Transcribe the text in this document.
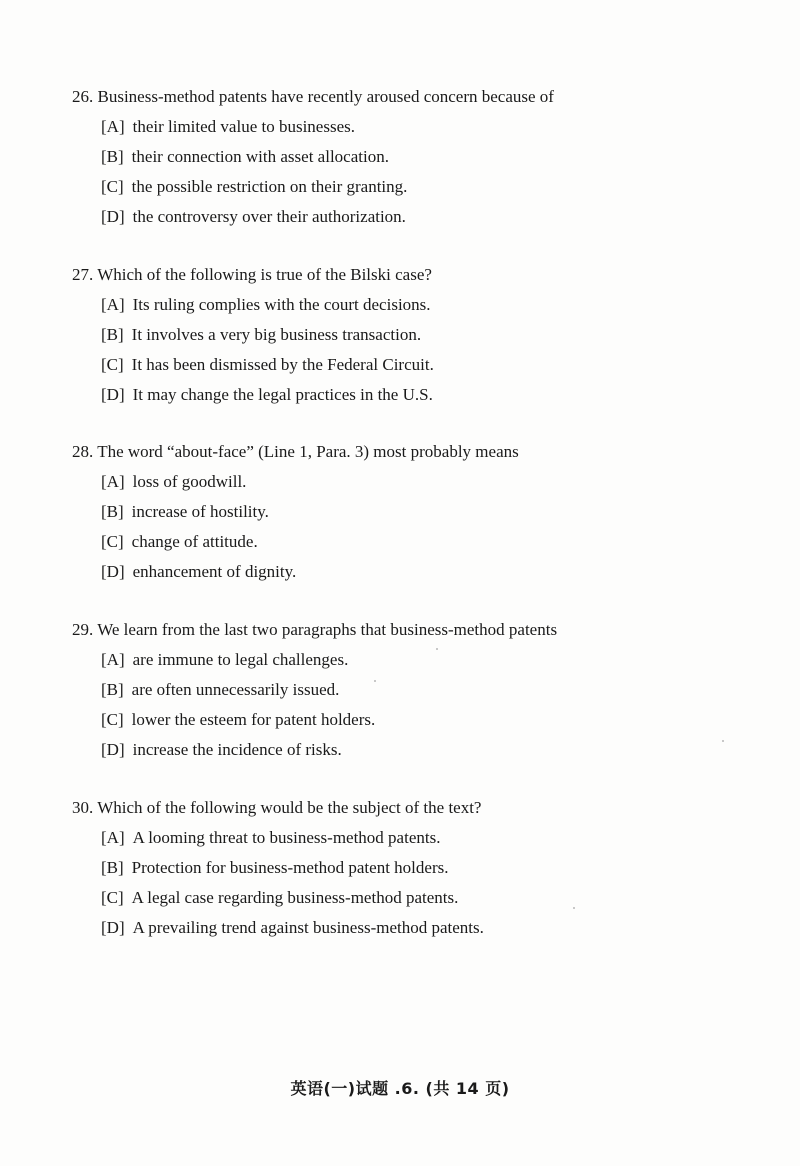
26. Business-method patents have recently aroused concern because of
[A] their limited value to businesses.
[B] their connection with asset allocation.
[C] the possible restriction on their granting.
[D] the controversy over their authorization.
27. Which of the following is true of the Bilski case?
[A] Its ruling complies with the court decisions.
[B] It involves a very big business transaction.
[C] It has been dismissed by the Federal Circuit.
[D] It may change the legal practices in the U.S.
28. The word “about-face” (Line 1, Para. 3) most probably means
[A] loss of goodwill.
[B] increase of hostility.
[C] change of attitude.
[D] enhancement of dignity.
29. We learn from the last two paragraphs that business-method patents
[A] are immune to legal challenges.
[B] are often unnecessarily issued.
[C] lower the esteem for patent holders.
[D] increase the incidence of risks.
30. Which of the following would be the subject of the text?
[A] A looming threat to business-method patents.
[B] Protection for business-method patent holders.
[C] A legal case regarding business-method patents.
[D] A prevailing trend against business-method patents.
英语(一)试题 .6. (共 14 页)
